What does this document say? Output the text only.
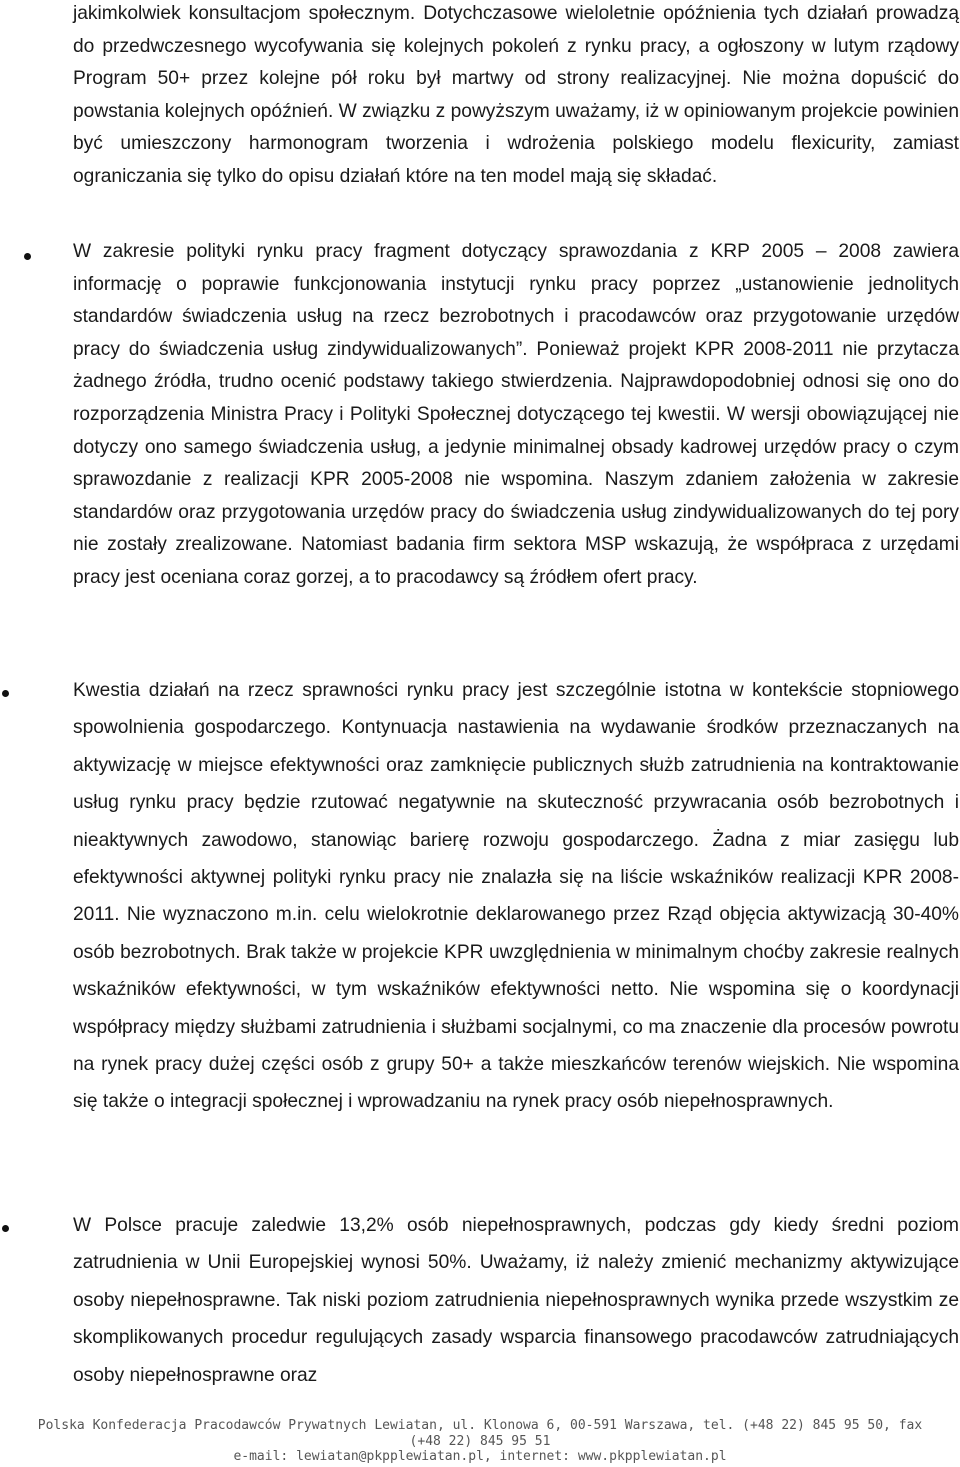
jakimkolwiek konsultacjom społecznym. Dotychczasowe wieloletnie opóźnienia tych działań prowadzą do przedwczesnego wycofywania się kolejnych pokoleń z rynku pracy, a ogłoszony w lutym rządowy Program 50+ przez kolejne pół roku był martwy od strony realizacyjnej. Nie można dopuścić do powstania kolejnych opóźnień. W związku z powyższym uważamy, iż w opiniowanym projekcie powinien być umieszczony harmonogram tworzenia i wdrożenia polskiego modelu flexicurity, zamiast ograniczania się tylko do opisu działań które na ten model mają się składać.

W zakresie polityki rynku pracy fragment dotyczący sprawozdania z KRP 2005 – 2008 zawiera informację o poprawie funkcjonowania instytucji rynku pracy poprzez „ustanowienie jednolitych standardów świadczenia usług na rzecz bezrobotnych i pracodawców oraz przygotowanie urzędów pracy do świadczenia usług zindywidualizowanych”. Ponieważ projekt KPR 2008-2011 nie przytacza żadnego źródła, trudno ocenić podstawy takiego stwierdzenia. Najprawdopodobniej odnosi się ono do rozporządzenia Ministra Pracy i Polityki Społecznej dotyczącego tej kwestii. W wersji obowiązującej nie dotyczy ono samego świadczenia usług, a jedynie minimalnej obsady kadrowej urzędów pracy o czym sprawozdanie z realizacji KPR 2005-2008 nie wspomina. Naszym zdaniem założenia w zakresie standardów oraz przygotowania urzędów pracy do świadczenia usług zindywidualizowanych do tej pory nie zostały zrealizowane. Natomiast badania firm sektora MSP wskazują, że współpraca z urzędami pracy jest oceniana coraz gorzej, a to pracodawcy są źródłem ofert pracy.

Kwestia działań na rzecz sprawności rynku pracy jest szczególnie istotna w kontekście stopniowego spowolnienia gospodarczego. Kontynuacja nastawienia na wydawanie środków przeznaczanych na aktywizację w miejsce efektywności oraz zamknięcie publicznych służb zatrudnienia na kontraktowanie usług rynku pracy będzie rzutować negatywnie na skuteczność przywracania osób bezrobotnych i nieaktywnych zawodowo, stanowiąc barierę rozwoju gospodarczego. Żadna z miar zasięgu lub efektywności aktywnej polityki rynku pracy nie znalazła się na liście wskaźników realizacji KPR 2008-2011. Nie wyznaczono m.in. celu wielokrotnie deklarowanego przez Rząd objęcia aktywizacją 30-40% osób bezrobotnych. Brak także w projekcie KPR uwzględnienia w minimalnym choćby zakresie realnych wskaźników efektywności, w tym wskaźników efektywności netto. Nie wspomina się o koordynacji współpracy między służbami zatrudnienia i służbami socjalnymi, co ma znaczenie dla procesów powrotu na rynek pracy dużej części osób z grupy 50+ a także mieszkańców terenów wiejskich. Nie wspomina się także o integracji społecznej i wprowadzaniu na rynek pracy osób niepełnosprawnych.

W Polsce pracuje zaledwie 13,2% osób niepełnosprawnych, podczas gdy kiedy średni poziom zatrudnienia w Unii Europejskiej wynosi 50%. Uważamy, iż należy zmienić mechanizmy aktywizujące osoby niepełnosprawne. Tak niski poziom zatrudnienia niepełnosprawnych wynika przede wszystkim ze skomplikowanych procedur regulujących zasady wsparcia finansowego pracodawców zatrudniających osoby niepełnosprawne oraz

Polska Konfederacja Pracodawców Prywatnych Lewiatan, ul. Klonowa 6, 00-591 Warszawa, tel. (+48 22) 845 95 50, fax
(+48 22) 845 95 51
e-mail: lewiatan@pkpplewiatan.pl, internet: www.pkpplewiatan.pl
